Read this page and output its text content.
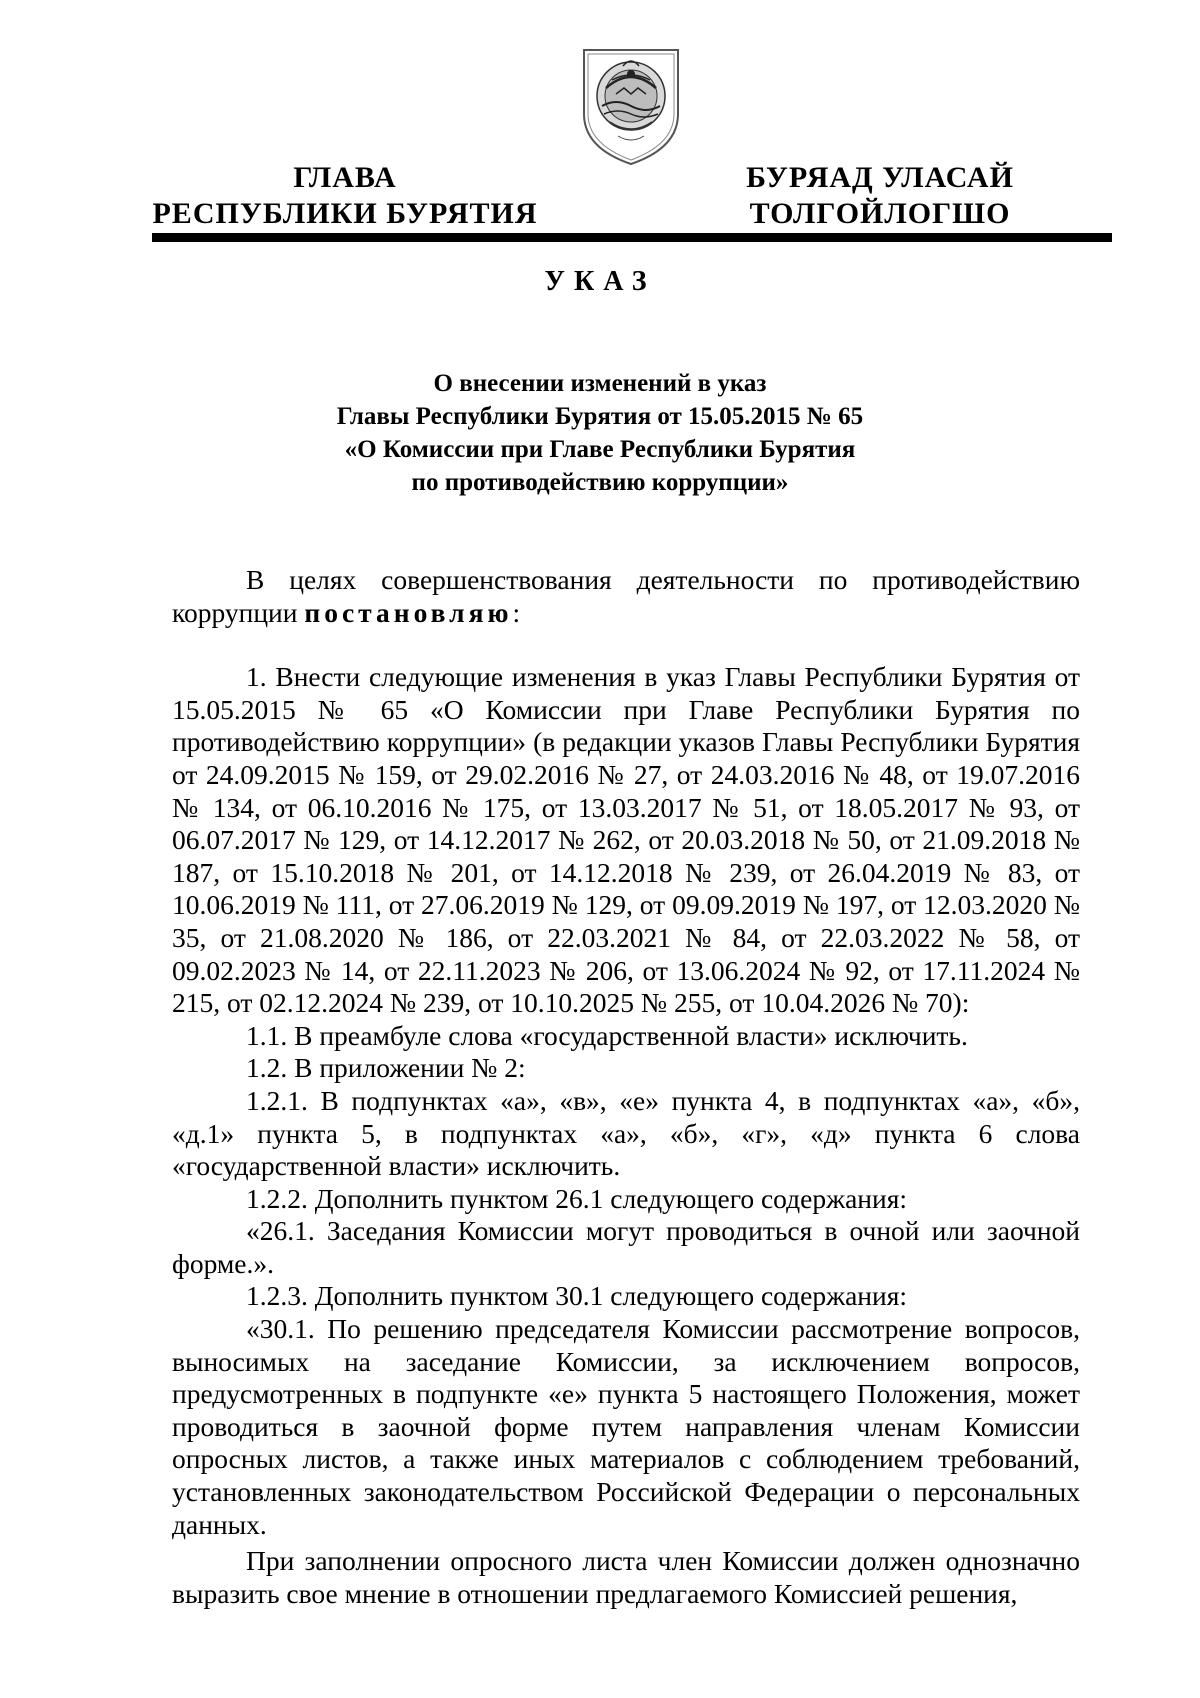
ГЛАВА
РЕСПУБЛИКИ БУРЯТИЯ
БУРЯАД УЛАСАЙ
ТОЛГОЙЛОГШО
УКАЗ
О внесении изменений в указ
Главы Республики Бурятия от 15.05.2015 № 65
«О Комиссии при Главе Республики Бурятия
по противодействию коррупции»

В целях совершенствования деятельности по противодействию коррупции постановляю:

1. Внести следующие изменения в указ Главы Республики Бурятия от 15.05.2015 № 65 «О Комиссии при Главе Республики Бурятия по противодействию коррупции» (в редакции указов Главы Республики Бурятия от 24.09.2015 № 159, от 29.02.2016 № 27, от 24.03.2016 № 48, от 19.07.2016 № 134, от 06.10.2016 № 175, от 13.03.2017 № 51, от 18.05.2017 № 93, от 06.07.2017 № 129, от 14.12.2017 № 262, от 20.03.2018 № 50, от 21.09.2018 № 187, от 15.10.2018 № 201, от 14.12.2018 № 239, от 26.04.2019 № 83, от 10.06.2019 № 111, от 27.06.2019 № 129, от 09.09.2019 № 197, от 12.03.2020 № 35, от 21.08.2020 № 186, от 22.03.2021 № 84, от 22.03.2022 № 58, от 09.02.2023 № 14, от 22.11.2023 № 206, от 13.06.2024 № 92, от 17.11.2024 № 215, от 02.12.2024 № 239, от 10.10.2025 № 255, от 10.04.2026 № 70):

1.1. В преамбуле слова «государственной власти» исключить.

1.2. В приложении № 2:

1.2.1. В подпунктах «а», «в», «е» пункта 4, в подпунктах «а», «б», «д.1» пункта 5, в подпунктах «а», «б», «г», «д» пункта 6 слова «государственной власти» исключить.

1.2.2. Дополнить пунктом 26.1 следующего содержания:

«26.1. Заседания Комиссии могут проводиться в очной или заочной форме.».

1.2.3. Дополнить пунктом 30.1 следующего содержания:

«30.1. По решению председателя Комиссии рассмотрение вопросов, выносимых на заседание Комиссии, за исключением вопросов, предусмотренных в подпункте «е» пункта 5 настоящего Положения, может проводиться в заочной форме путем направления членам Комиссии опросных листов, а также иных материалов с соблюдением требований, установленных законодательством Российской Федерации о персональных данных.

При заполнении опросного листа член Комиссии должен однозначно выразить свое мнение в отношении предлагаемого Комиссией решения,
